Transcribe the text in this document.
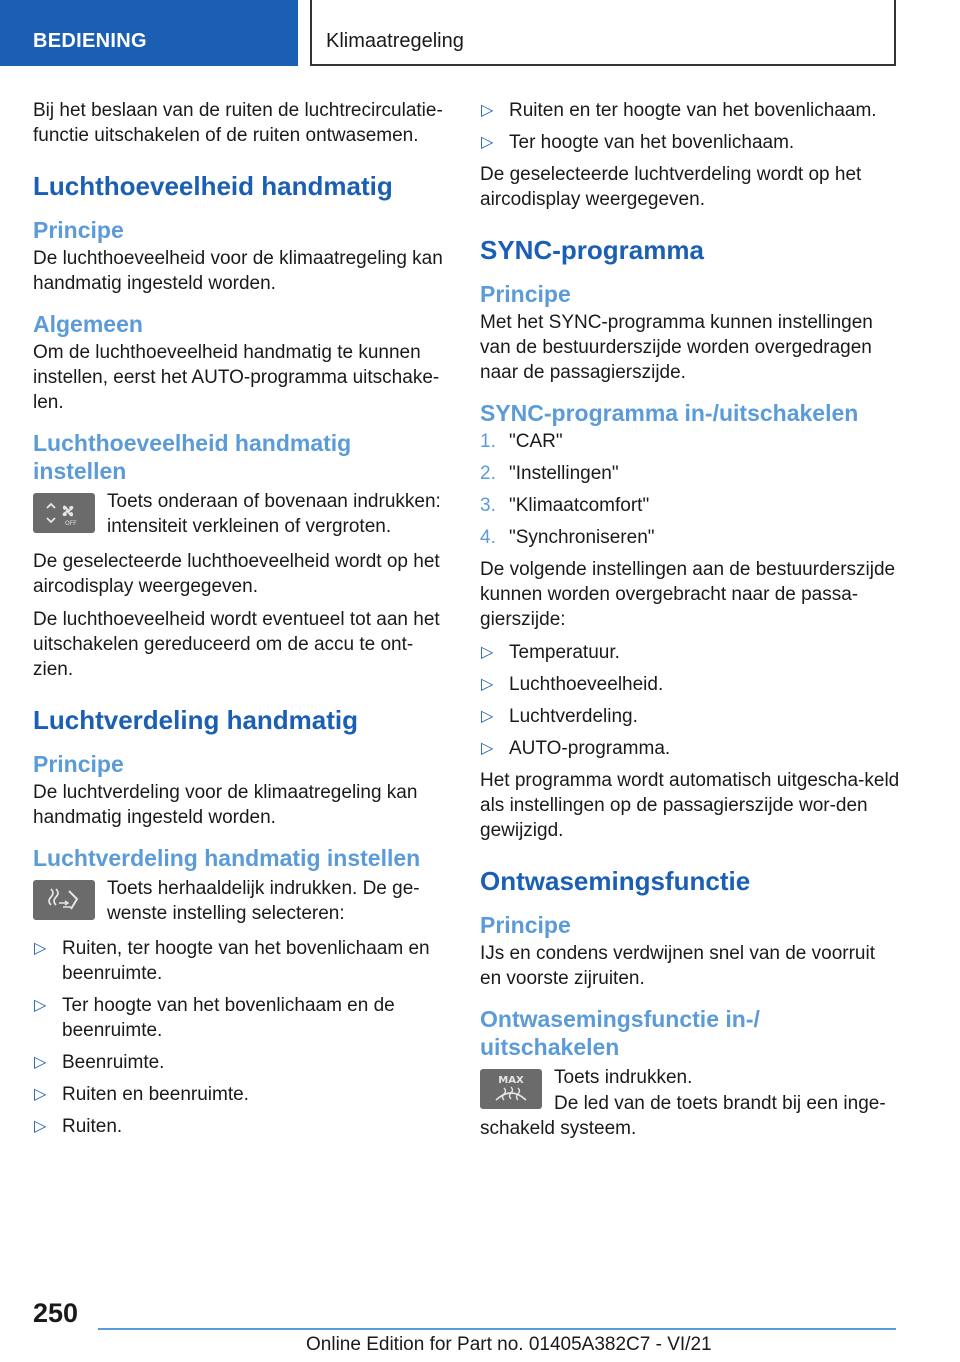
BEDIENING	Klimaatregeling

Bij het beslaan van de ruiten de luchtrecirculatie-functie uitschakelen of de ruiten ontwasemen.

Luchthoeveelheid handmatig
Principe

De luchthoeveelheid voor de klimaatregeling kan handmatig ingesteld worden.

Algemeen

Om de luchthoeveelheid handmatig te kunnen instellen, eerst het AUTO-programma uitschake-len.

Luchthoeveelheid handmatig instellen
OFF
Toets onderaan of bovenaan indrukken: intensiteit verkleinen of vergroten.

De geselecteerde luchthoeveelheid wordt op het aircodisplay weergegeven.

De luchthoeveelheid wordt eventueel tot aan het uitschakelen gereduceerd om de accu te ont-zien.

Luchtverdeling handmatig
Principe

De luchtverdeling voor de klimaatregeling kan handmatig ingesteld worden.

Luchtverdeling handmatig instellen
Toets herhaaldelijk indrukken. De ge-wenste instelling selecteren:
▷ Ruiten, ter hoogte van het bovenlichaam en beenruimte.
▷ Ter hoogte van het bovenlichaam en de beenruimte.
▷ Beenruimte.
▷ Ruiten en beenruimte.
▷ Ruiten.
▷ Ruiten en ter hoogte van het bovenlichaam.
▷ Ter hoogte van het bovenlichaam.

De geselecteerde luchtverdeling wordt op het aircodisplay weergegeven.

SYNC-programma
Principe

Met het SYNC-programma kunnen instellingen van de bestuurderszijde worden overgedragen naar de passagierszijde.

SYNC-programma in-/uitschakelen
1. "CAR"
2. "Instellingen"
3. "Klimaatcomfort"
4. "Synchroniseren"

De volgende instellingen aan de bestuurderszijde kunnen worden overgebracht naar de passa-gierszijde:

▷ Temperatuur.
▷ Luchthoeveelheid.
▷ Luchtverdeling.
▷ AUTO-programma.

Het programma wordt automatisch uitgescha-keld als instellingen op de passagierszijde wor-den gewijzigd.

Ontwasemingsfunctie
Principe

IJs en condens verdwijnen snel van de voorruit en voorste zijruiten.

Ontwasemingsfunctie in-/ uitschakelen
MAX Toets indrukken.

De led van de toets brandt bij een inge-schakeld systeem.

250
Online Edition for Part no. 01405A382C7 - VI/21
